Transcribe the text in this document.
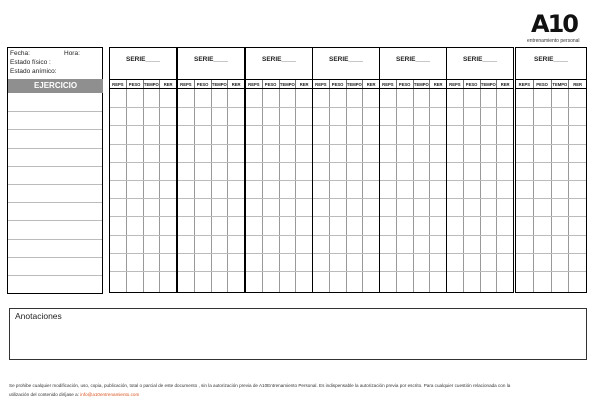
A10
entrenamiento personal
Fecha:	Hora:
Estado físico :
Estado anímico:
EJERCICIO
SERIE____
REPS	PESO TEMPO	RER
SERIE____
REPS	PESO TEMPO	RER
SERIE____
REPS	PESO TEMPO	RER
SERIE____
REPS	PESO TEMPO	RER
SERIE____
REPS	PESO TEMPO	RER
SERIE____
REPS	PESO TEMPO	RER
SERIE____
REPS	PESO	TEMPO	RER
Anotaciones
Se prohibe cualquier modificación, uso, copia, publicación, total o parcial de este documento , sin la autorización previa de A10Entrenamiento Personal. Es indispensable la autorización previa por escrito. Para cualquier cuestión relacionada con la
utilización del contenido diríjase a: info@a10entrenamiento.com
